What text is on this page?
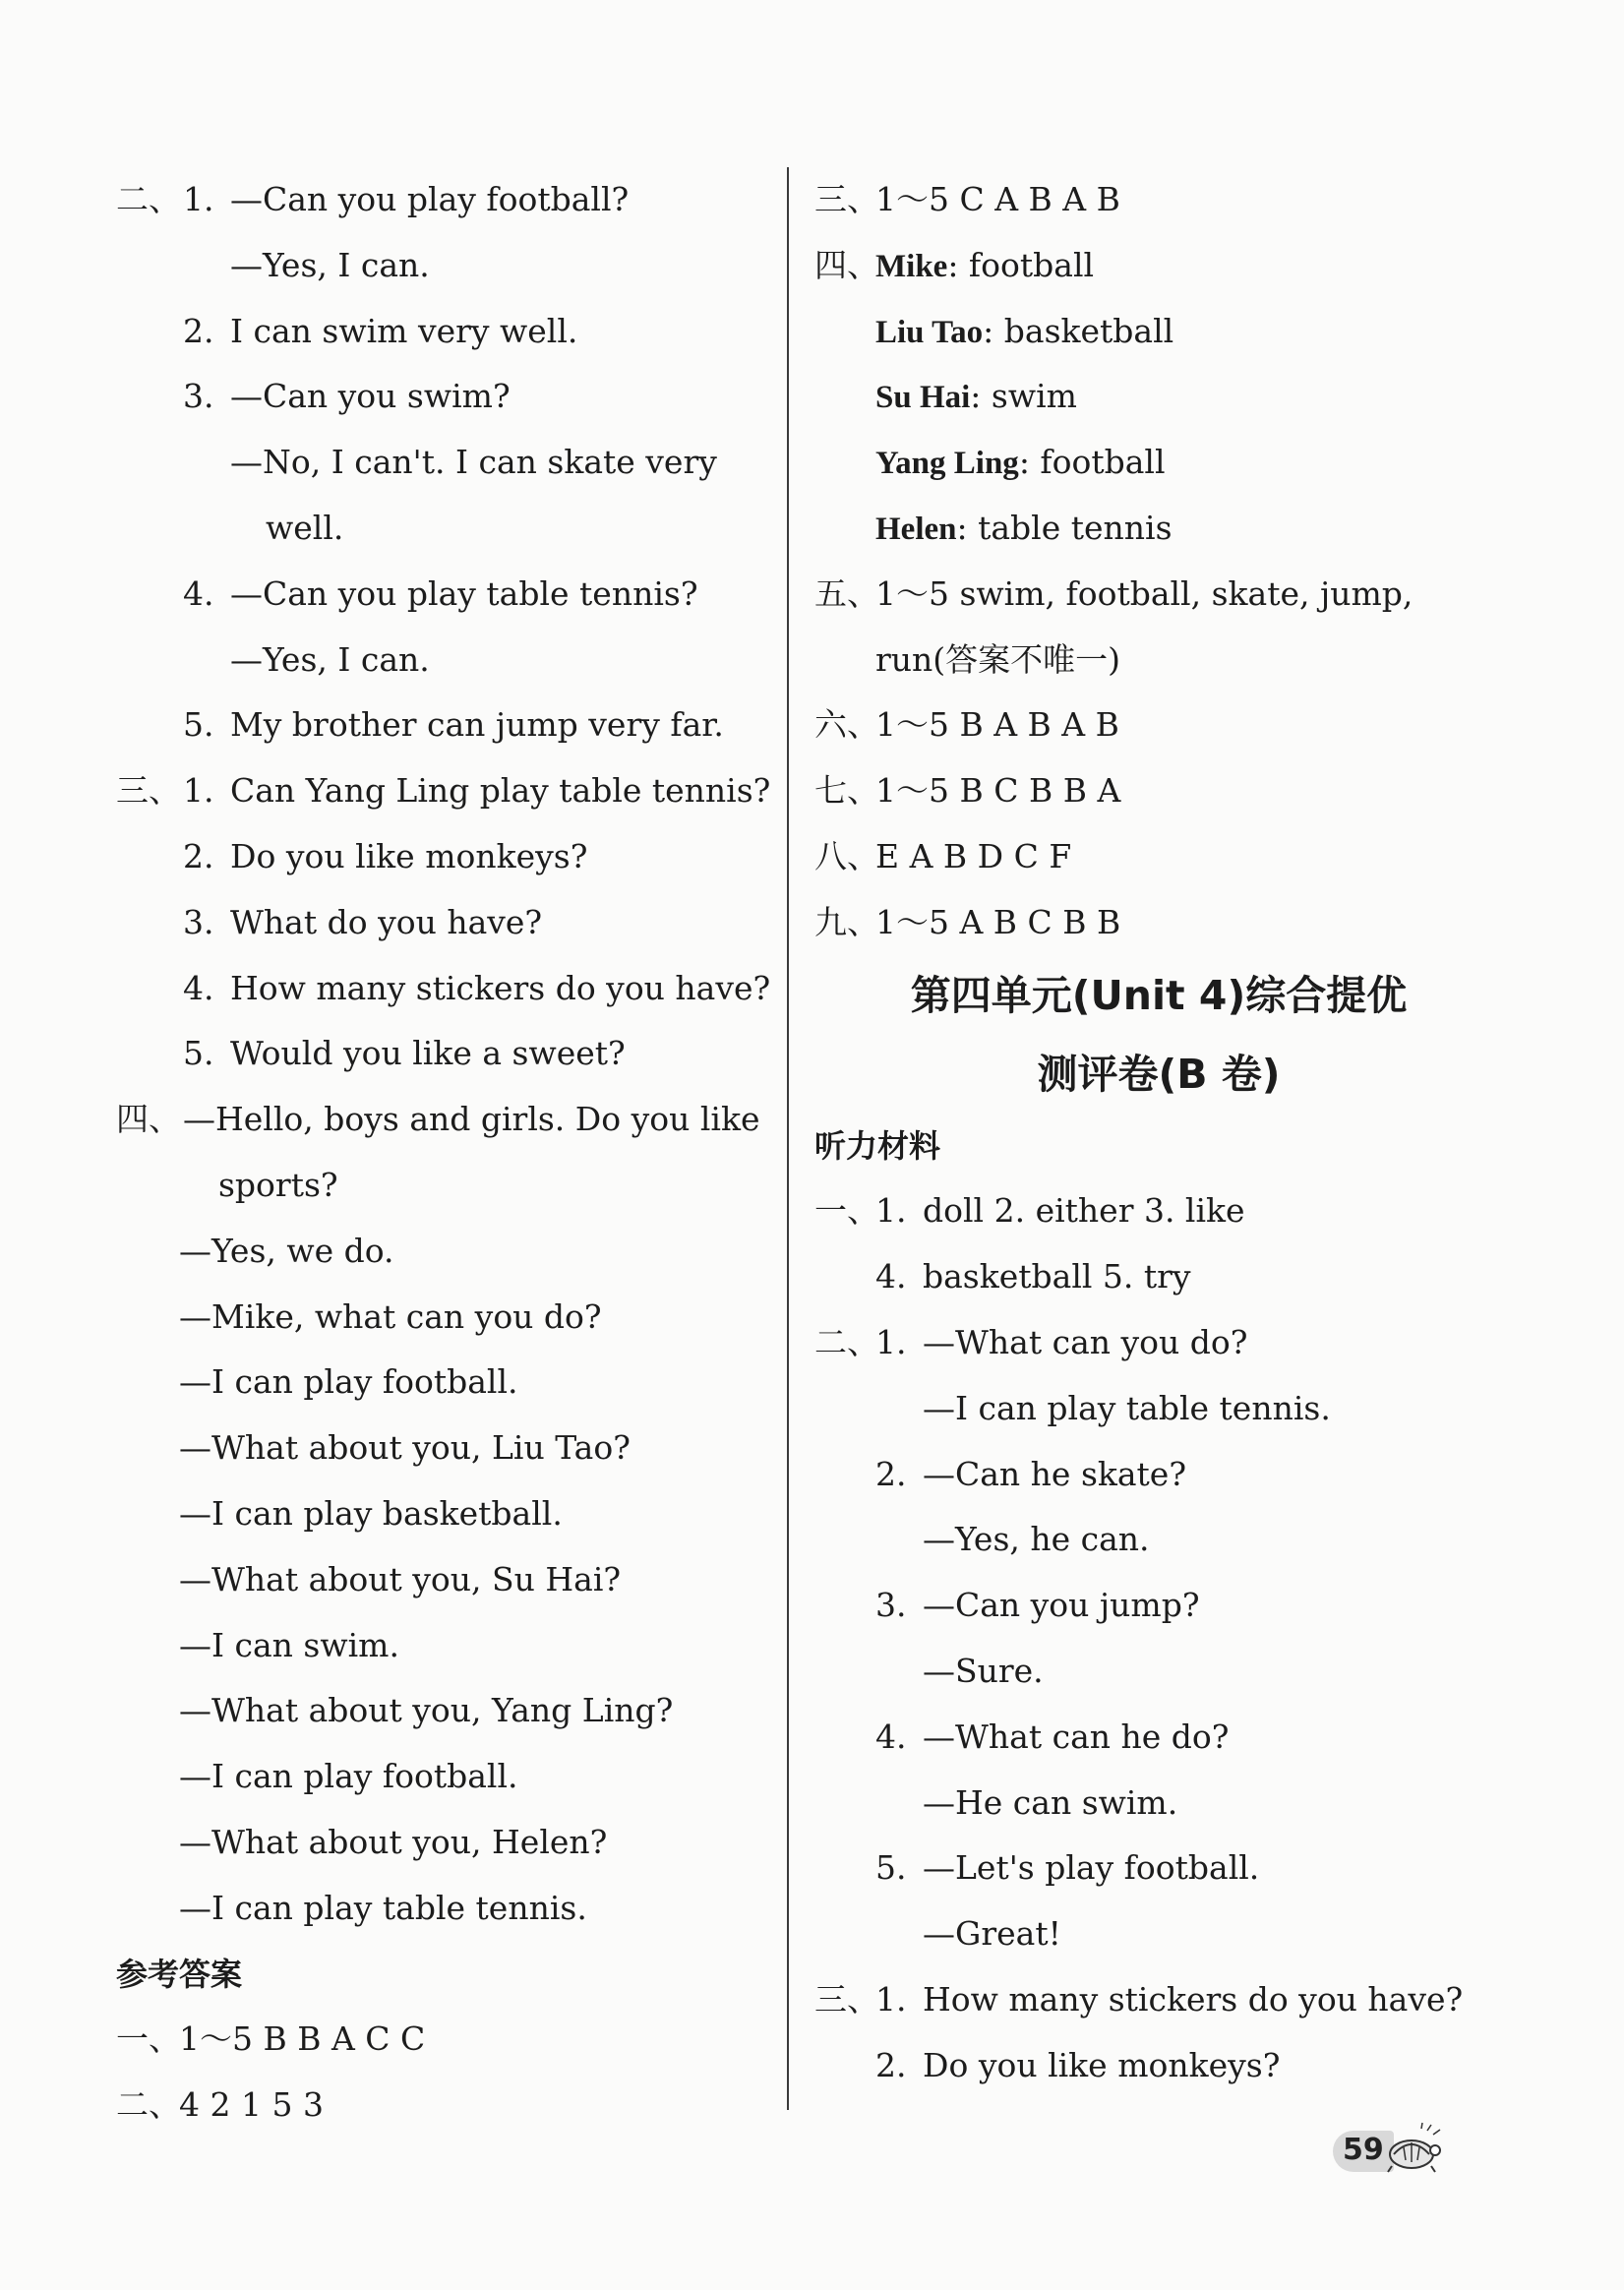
二、 1. —Can you play football?
—Yes, I can.
2. I can swim very well.
3. —Can you swim?
—No, I can't. I can skate very
well.
4. —Can you play table tennis?
—Yes, I can.
5. My brother can jump very far.
三、 1. Can Yang Ling play table tennis?
2. Do you like monkeys?
3. What do you have?
4. How many stickers do you have?
5. Would you like a sweet?
四、 —Hello, boys and girls. Do you like
sports?
—Yes, we do.
—Mike, what can you do?
—I can play football.
—What about you, Liu Tao?
—I can play basketball.
—What about you, Su Hai?
—I can swim.
—What about you, Yang Ling?
—I can play football.
—What about you, Helen?
—I can play table tennis.
参考答案
一、
1～5 B B A C C
二、
4 2 1 5 3
三、
1～5 C A B A B
四、
Mike: football
Liu Tao: basketball
Su Hai: swim
Yang Ling: football
Helen: table tennis
五、
1～5 swim, football, skate, jump,
run(答案不唯一)
六、
1～5 B A B A B
七、
1～5 B C B B A
八、
E A B D C F
九、
1～5 A B C B B
第四单元(Unit 4)综合提优
测评卷(B 卷)
听力材料
一、
1. doll 2. either 3. like
4. basketball 5. try
二、
1. —What can you do?
—I can play table tennis.
2. —Can he skate?
—Yes, he can.
3. —Can you jump?
—Sure.
4. —What can he do?
—He can swim.
5. —Let's play football.
—Great!
三、
1. How many stickers do you have?
2. Do you like monkeys?
59
